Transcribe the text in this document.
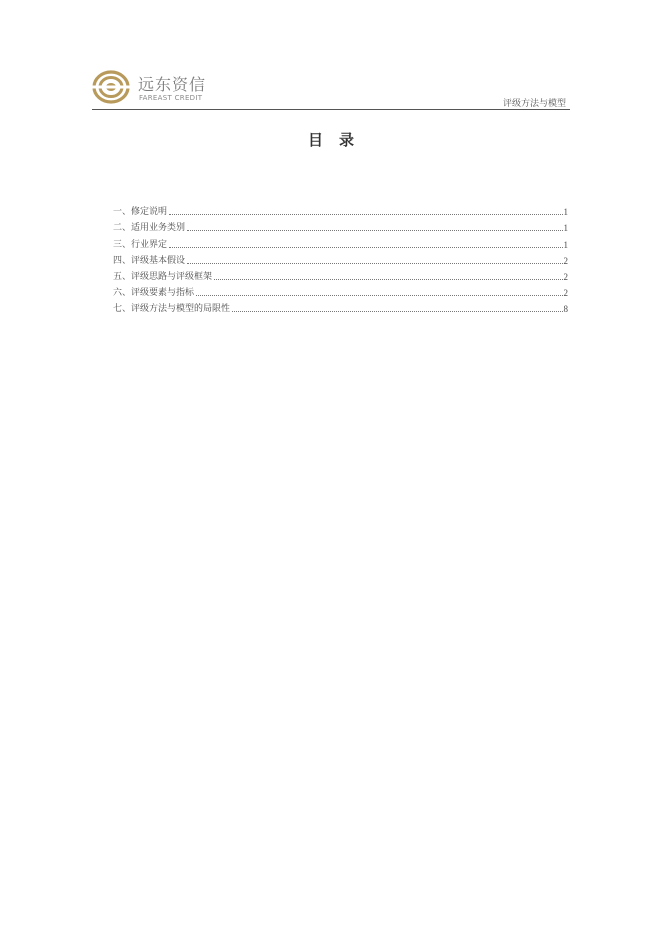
远东资信
FAREAST CREDIT
评级方法与模型
目录
一、修定说明	1
二、适用业务类别	1
三、行业界定	1
四、评级基本假设	2
五、评级思路与评级框架	2
六、评级要素与指标	2
七、评级方法与模型的局限性	8
